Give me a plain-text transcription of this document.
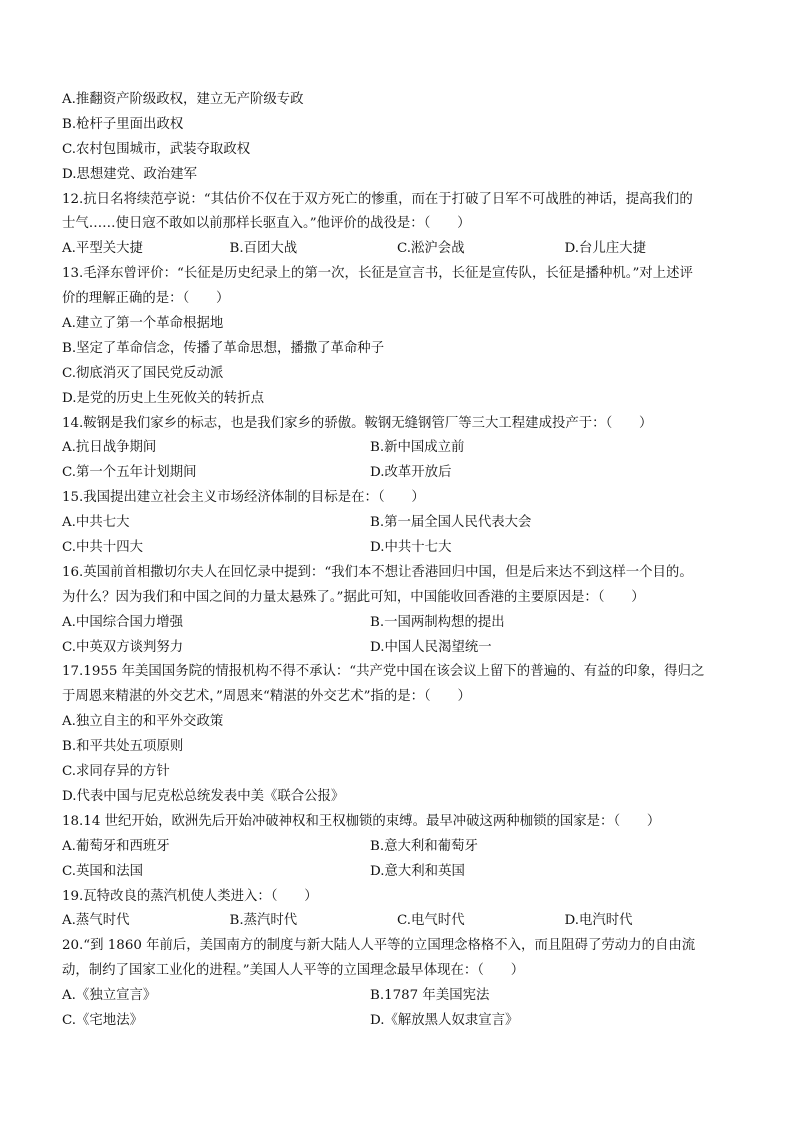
A.推翻资产阶级政权，建立无产阶级专政
B.枪杆子里面出政权
C.农村包围城市，武装夺取政权
D.思想建党、政治建军
12.抗日名将续范亭说：“其估价不仅在于双方死亡的惨重，而在于打破了日军不可战胜的神话，提高我们的
士气……使日寇不敢如以前那样长驱直入。”他评价的战役是：（　　）
A.平型关大捷	B.百团大战	C.淞沪会战	D.台儿庄大捷
13.毛泽东曾评价：“长征是历史纪录上的第一次，长征是宣言书，长征是宣传队，长征是播种机。”对上述评
价的理解正确的是：（　　）
A.建立了第一个革命根据地
B.坚定了革命信念，传播了革命思想，播撒了革命种子
C.彻底消灭了国民党反动派
D.是党的历史上生死攸关的转折点
14.鞍钢是我们家乡的标志，也是我们家乡的骄傲。鞍钢无缝钢管厂等三大工程建成投产于：（　　）
A.抗日战争期间	B.新中国成立前
C.第一个五年计划期间	D.改革开放后
15.我国提出建立社会主义市场经济体制的目标是在：（　　）
A.中共七大	B.第一届全国人民代表大会
C.中共十四大	D.中共十七大
16.英国前首相撒切尔夫人在回忆录中提到：“我们本不想让香港回归中国，但是后来达不到这样一个目的。
为什么？因为我们和中国之间的力量太悬殊了。”据此可知，中国能收回香港的主要原因是：（　　）
A.中国综合国力增强	B.一国两制构想的提出
C.中英双方谈判努力	D.中国人民渴望统一
17.1955 年美国国务院的情报机构不得不承认：“共产党中国在该会议上留下的普遍的、有益的印象，得归之
于周恩来精湛的外交艺术，”周恩来“精湛的外交艺术”指的是：（　　）
A.独立自主的和平外交政策
B.和平共处五项原则
C.求同存异的方针
D.代表中国与尼克松总统发表中美《联合公报》
18.14 世纪开始，欧洲先后开始冲破神权和王权枷锁的束缚。最早冲破这两种枷锁的国家是：（　　）
A.葡萄牙和西班牙	B.意大利和葡萄牙
C.英国和法国	D.意大利和英国
19.瓦特改良的蒸汽机使人类进入：（　　）
A.蒸气时代	B.蒸汽时代	C.电气时代	D.电汽时代
20.“到 1860 年前后，美国南方的制度与新大陆人人平等的立国理念格格不入，而且阻碍了劳动力的自由流
动，制约了国家工业化的进程。”美国人人平等的立国理念最早体现在：（　　）
A.《独立宣言》	B.1787 年美国宪法
C.《宅地法》	D.《解放黑人奴隶宣言》
